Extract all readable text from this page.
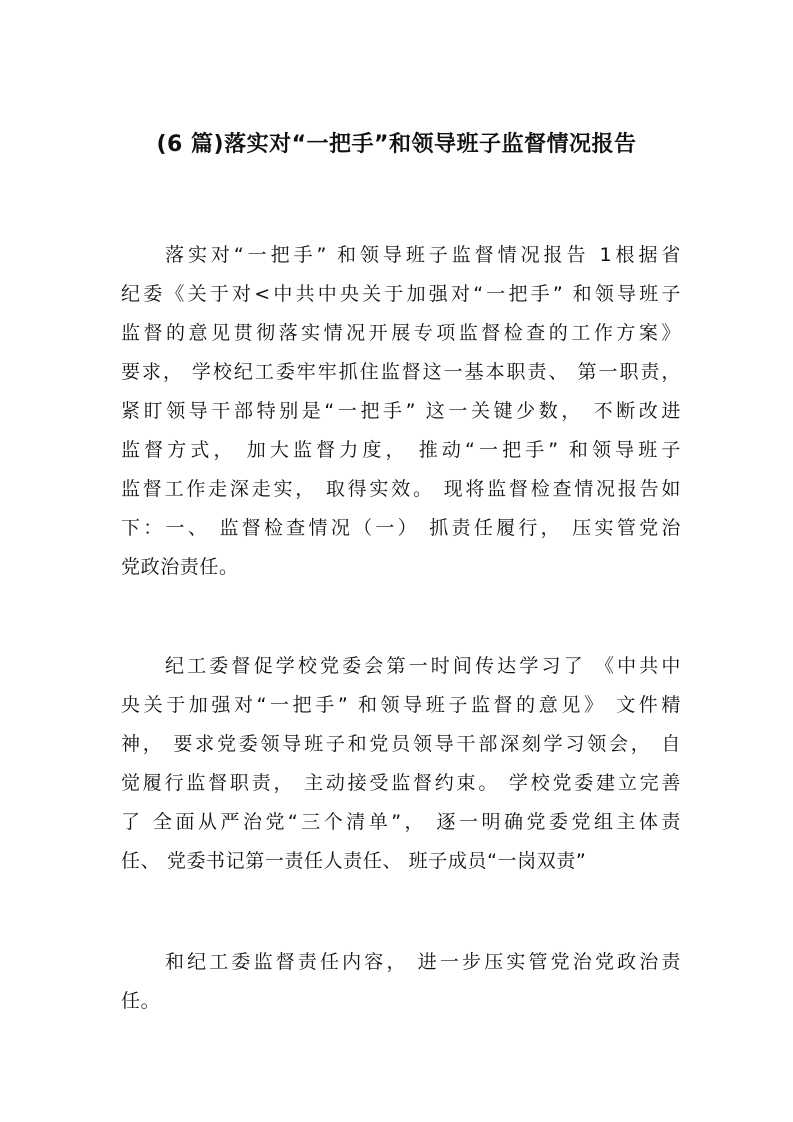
(6 篇)落实对“一把手”和领导班子监督情况报告
落实对“一把手” 和领导班子监督情况报告 1根据省
纪委《关于对<中共中央关于加强对“一把手” 和领导班子
监督的意见贯彻落实情况开展专项监督检查的工作方案》
要求， 学校纪工委牢牢抓住监督这一基本职责、 第一职责，
紧盯领导干部特别是“一把手” 这一关键少数， 不断改进
监督方式， 加大监督力度， 推动“一把手” 和领导班子
监督工作走深走实， 取得实效。 现将监督检查情况报告如
下：一、 监督检查情况（一） 抓责任履行， 压实管党治
党政治责任。
纪工委督促学校党委会第一时间传达学习了 《中共中
央关于加强对“一把手” 和领导班子监督的意见》 文件精
神， 要求党委领导班子和党员领导干部深刻学习领会， 自
觉履行监督职责， 主动接受监督约束。 学校党委建立完善
了 全面从严治党“三个清单”， 逐一明确党委党组主体责
任、 党委书记第一责任人责任、 班子成员“一岗双责”
和纪工委监督责任内容， 进一步压实管党治党政治责
任。
